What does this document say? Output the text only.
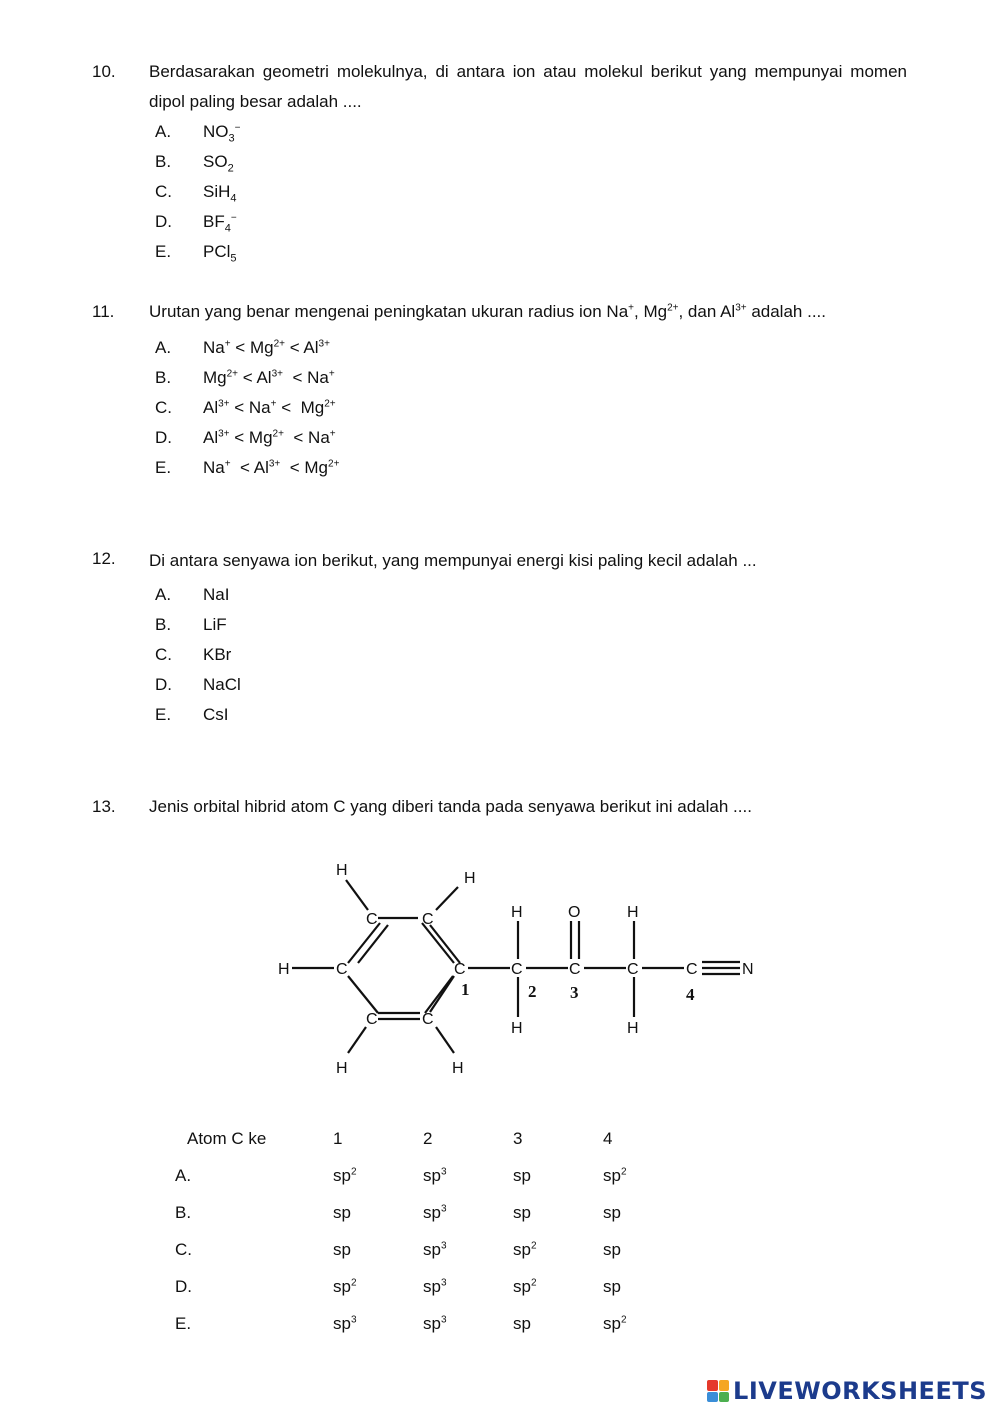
10.	Berdasarakan geometri molekulnya, di antara ion atau molekul berikut yang mempunyai momen dipol paling besar adalah ....
A.	$NO_3^-$
B.	$SO_2$
C.	SiH$_4$
D.	$BF_4^-$
E.	PCl$_5$
11.	Urutan yang benar mengenai peningkatan ukuran radius ion Na+, $Mg^{2+}$, dan $Al^{3+}$ adalah ....
A.	$Na^+ < Mg^{2+} < Al^{3+}$
B.	$Mg^{2+} < Al^{3+} < Na^+$
C.	$Al^{3+} < Na^+ < Mg^{2+}$
D.	$Al^{3+} < Mg^{2+} < Na^+$
E.	$Na^+ < Al^{3+} < Mg^{2+}$
12.	Di antara senyawa ion berikut, yang mempunyai energi kisi paling kecil adalah ...
A.	NaI
B.	LiF
C.	KBr
D.	NaCl
E.	CsI
13.	Jenis orbital hibrid atom C yang diberi tanda pada senyawa berikut ini adalah ....
H	H
C	C
H	C	C
C	C
H	H
H
C
H
O
C
H
C
H
C	N
1	2 3	4
Atom C ke	1	2	3	4
A.	$sp^2$	$sp^3$	sp	$sp^2$
B.	sp	$sp^3$	sp	sp
C.	sp	$sp^3$	$sp^2$	sp
D.	$sp^2$	$sp^3$	$sp^2$	sp
E.	$sp^3$	$sp^3$	sp	$sp^2$
LIVEWORKSHEETS
